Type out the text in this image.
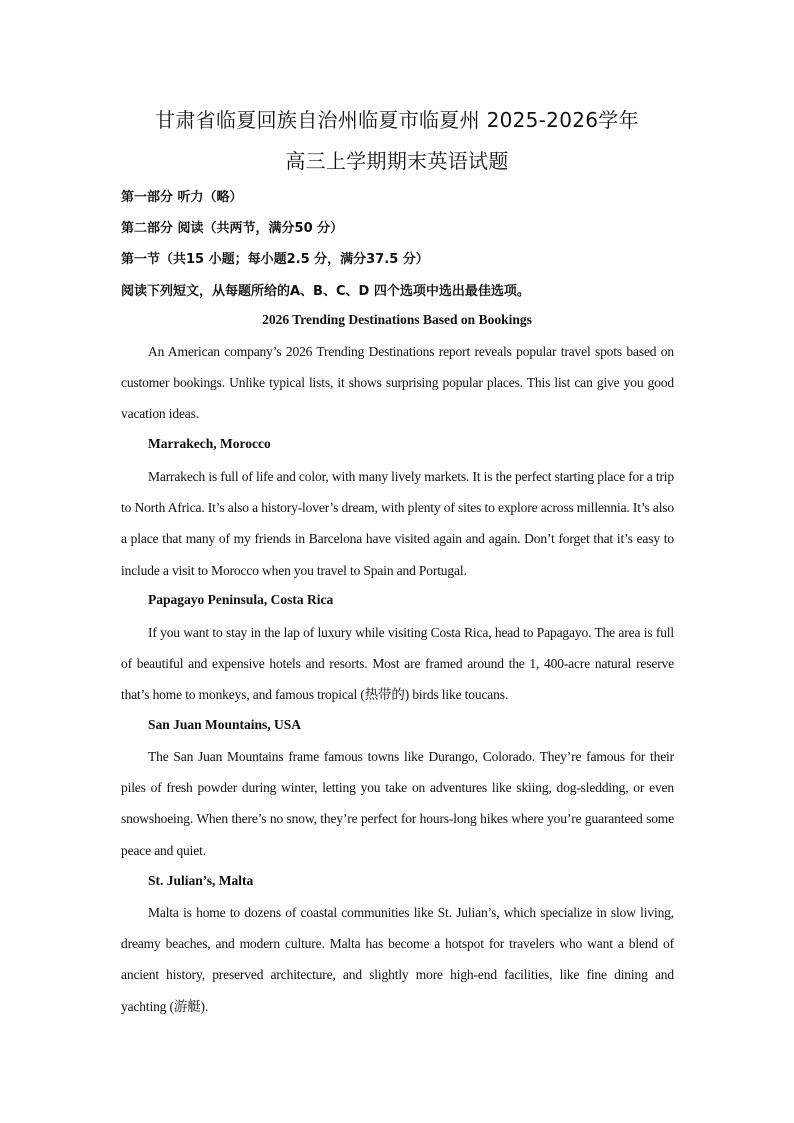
甘肃省临夏回族自治州临夏市临夏州 2025-2026学年
高三上学期期末英语试题
第一部分 听力（略）
第二部分 阅读（共两节，满分50 分）
第一节（共15 小题；每小题2.5 分，满分37.5 分）
阅读下列短文，从每题所给的A、B、C、D 四个选项中选出最佳选项。
2026 Trending Destinations Based on Bookings
An American company’s 2026 Trending Destinations report reveals popular travel spots based on customer bookings. Unlike typical lists, it shows surprising popular places. This list can give you good vacation ideas.
Marrakech, Morocco
Marrakech is full of life and color, with many lively markets. It is the perfect starting place for a trip to North Africa. It’s also a history-lover’s dream, with plenty of sites to explore across millennia. It’s also a place that many of my friends in Barcelona have visited again and again. Don’t forget that it’s easy to include a visit to Morocco when you travel to Spain and Portugal.
Papagayo Peninsula, Costa Rica
If you want to stay in the lap of luxury while visiting Costa Rica, head to Papagayo. The area is full of beautiful and expensive hotels and resorts. Most are framed around the 1, 400-acre natural reserve that’s home to monkeys, and famous tropical (热带的) birds like toucans.
San Juan Mountains, USA
The San Juan Mountains frame famous towns like Durango, Colorado. They’re famous for their piles of fresh powder during winter, letting you take on adventures like skiing, dog-sledding, or even snowshoeing. When there’s no snow, they’re perfect for hours-long hikes where you’re guaranteed some peace and quiet.
St. Julian’s, Malta
Malta is home to dozens of coastal communities like St. Julian’s, which specialize in slow living, dreamy beaches, and modern culture. Malta has become a hotspot for travelers who want a blend of ancient history, preserved architecture, and slightly more high-end facilities, like fine dining and yachting (游艇).
